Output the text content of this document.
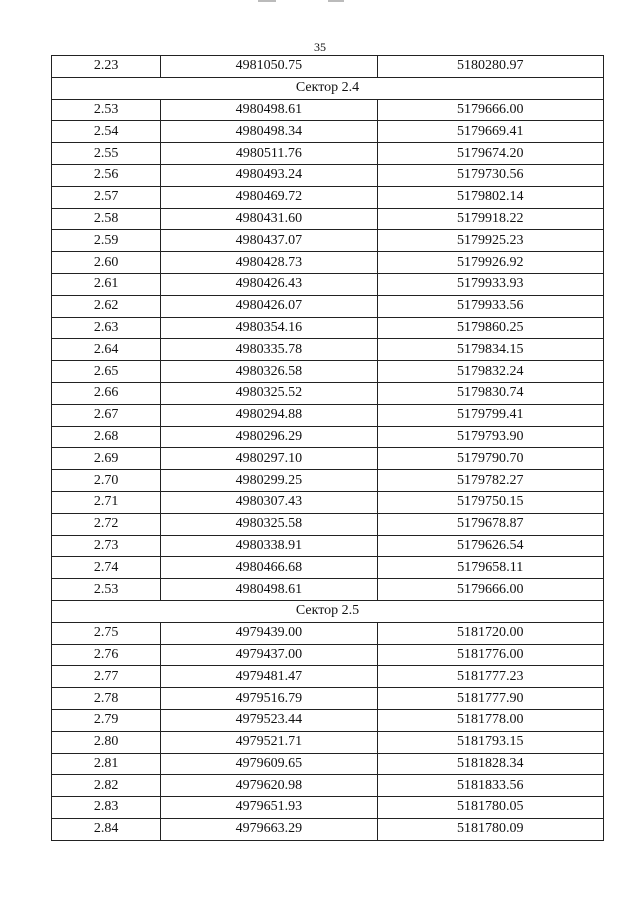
35
2.23	4981050.75	5180280.97
Сектор 2.4		
2.53	4980498.61	5179666.00
2.54	4980498.34	5179669.41
2.55	4980511.76	5179674.20
2.56	4980493.24	5179730.56
2.57	4980469.72	5179802.14
2.58	4980431.60	5179918.22
2.59	4980437.07	5179925.23
2.60	4980428.73	5179926.92
2.61	4980426.43	5179933.93
2.62	4980426.07	5179933.56
2.63	4980354.16	5179860.25
2.64	4980335.78	5179834.15
2.65	4980326.58	5179832.24
2.66	4980325.52	5179830.74
2.67	4980294.88	5179799.41
2.68	4980296.29	5179793.90
2.69	4980297.10	5179790.70
2.70	4980299.25	5179782.27
2.71	4980307.43	5179750.15
2.72	4980325.58	5179678.87
2.73	4980338.91	5179626.54
2.74	4980466.68	5179658.11
2.53	4980498.61	5179666.00
Сектор 2.5		
2.75	4979439.00	5181720.00
2.76	4979437.00	5181776.00
2.77	4979481.47	5181777.23
2.78	4979516.79	5181777.90
2.79	4979523.44	5181778.00
2.80	4979521.71	5181793.15
2.81	4979609.65	5181828.34
2.82	4979620.98	5181833.56
2.83	4979651.93	5181780.05
2.84	4979663.29	5181780.09
